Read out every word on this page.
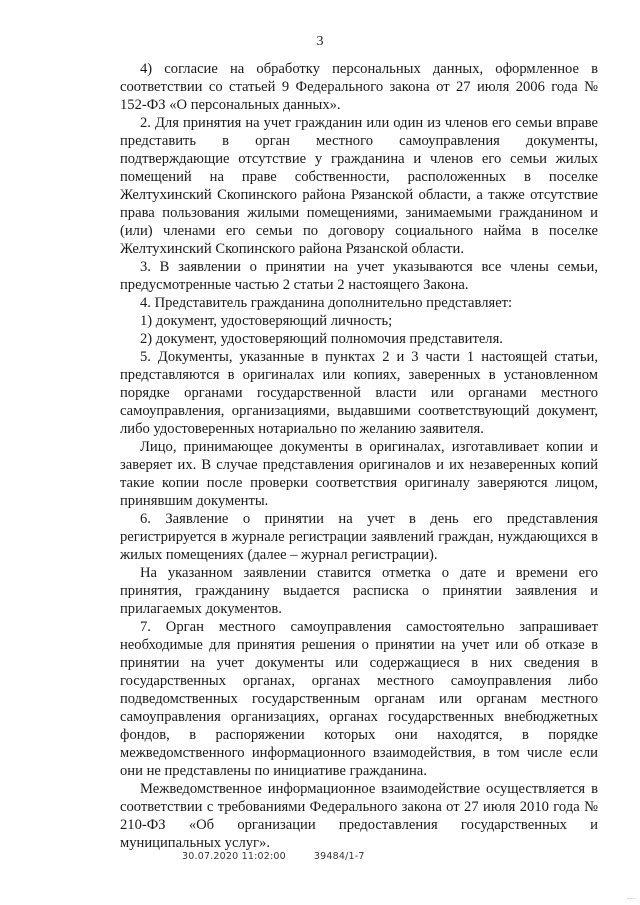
3

4) согласие на обработку персональных данных, оформленное в соответствии со статьей 9 Федерального закона от 27 июля 2006 года № 152-ФЗ «О персональных данных».

2. Для принятия на учет гражданин или один из членов его семьи вправе представить в орган местного самоуправления документы, подтверждающие отсутствие у гражданина и членов его семьи жилых помещений на праве собственности, расположенных в поселке Желтухинский Скопинского района Рязанской области, а также отсутствие права пользования жилыми помещениями, занимаемыми гражданином и (или) членами его семьи по договору социального найма в поселке Желтухинский Скопинского района Рязанской области.

3. В заявлении о принятии на учет указываются все члены семьи, предусмотренные частью 2 статьи 2 настоящего Закона.

4. Представитель гражданина дополнительно представляет:

1) документ, удостоверяющий личность;

2) документ, удостоверяющий полномочия представителя.

5. Документы, указанные в пунктах 2 и 3 части 1 настоящей статьи, представляются в оригиналах или копиях, заверенных в установленном порядке органами государственной власти или органами местного самоуправления, организациями, выдавшими соответствующий документ, либо удостоверенных нотариально по желанию заявителя.

Лицо, принимающее документы в оригиналах, изготавливает копии и заверяет их. В случае представления оригиналов и их незаверенных копий такие копии после проверки соответствия оригиналу заверяются лицом, принявшим документы.

6. Заявление о принятии на учет в день его представления регистрируется в журнале регистрации заявлений граждан, нуждающихся в жилых помещениях (далее – журнал регистрации).

На указанном заявлении ставится отметка о дате и времени его принятия, гражданину выдается расписка о принятии заявления и прилагаемых документов.

7. Орган местного самоуправления самостоятельно запрашивает необходимые для принятия решения о принятии на учет или об отказе в принятии на учет документы или содержащиеся в них сведения в государственных органах, органах местного самоуправления либо подведомственных государственным органам или органам местного самоуправления организациях, органах государственных внебюджетных фондов, в распоряжении которых они находятся, в порядке межведомственного информационного взаимодействия, в том числе если они не представлены по инициативе гражданина.

Межведомственное информационное взаимодействие осуществляется в соответствии с требованиями Федерального закона от 27 июля 2010 года № 210-ФЗ «Об организации предоставления государственных и муниципальных услуг».

30.07.2020 11:02:00	39484/1-7
...
